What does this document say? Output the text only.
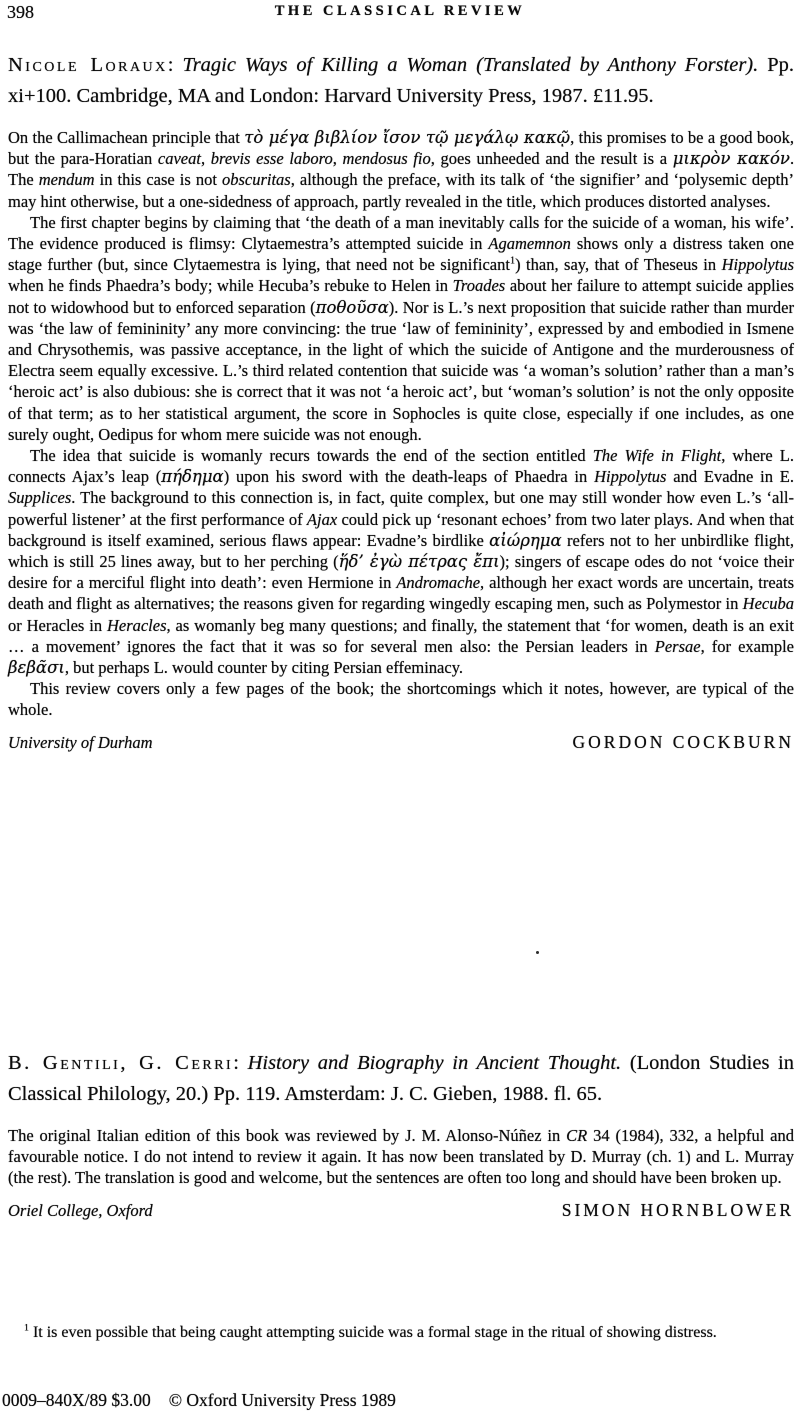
398	THE CLASSICAL REVIEW
Nicole Loraux: Tragic Ways of Killing a Woman (Translated by Anthony Forster). Pp. xi+100. Cambridge, MA and London: Harvard University Press, 1987. £11.95.

On the Callimachean principle that τὸ μέγα βιβλίον ἴσον τῷ μεγάλῳ κακῷ, this promises to be a good book, but the para-Horatian caveat, brevis esse laboro, mendosus fio, goes unheeded and the result is a μικρὸν κακόν. The mendum in this case is not obscuritas, although the preface, with its talk of ‘the signifier’ and ‘polysemic depth’ may hint otherwise, but a one-sidedness of approach, partly revealed in the title, which produces distorted analyses.

The first chapter begins by claiming that ‘the death of a man inevitably calls for the suicide of a woman, his wife’. The evidence produced is flimsy: Clytaemestra’s attempted suicide in Agamemnon shows only a distress taken one stage further (but, since Clytaemestra is lying, that need not be significant$^1$) than, say, that of Theseus in Hippolytus when he finds Phaedra’s body; while Hecuba’s rebuke to Helen in Troades about her failure to attempt suicide applies not to widowhood but to enforced separation (ποθοῦσα). Nor is L.’s next proposition that suicide rather than murder was ‘the law of femininity’ any more convincing: the true ‘law of femininity’, expressed by and embodied in Ismene and Chrysothemis, was passive acceptance, in the light of which the suicide of Antigone and the murderousness of Electra seem equally excessive. L.’s third related contention that suicide was ‘a woman’s solution’ rather than a man’s ‘heroic act’ is also dubious: she is correct that it was not ‘a heroic act’, but ‘woman’s solution’ is not the only opposite of that term; as to her statistical argument, the score in Sophocles is quite close, especially if one includes, as one surely ought, Oedipus for whom mere suicide was not enough.

The idea that suicide is womanly recurs towards the end of the section entitled The Wife in Flight, where L. connects Ajax’s leap (πήδημα) upon his sword with the death-leaps of Phaedra in Hippolytus and Evadne in E. Supplices. The background to this connection is, in fact, quite complex, but one may still wonder how even L.’s ‘all-powerful listener’ at the first performance of Ajax could pick up ‘resonant echoes’ from two later plays. And when that background is itself examined, serious flaws appear: Evadne’s birdlike αἰώρημα refers not to her unbirdlike flight, which is still 25 lines away, but to her perching (ἥδ’ ἐγὼ πέτρας ἔπι); singers of escape odes do not ‘voice their desire for a merciful flight into death’: even Hermione in Andromache, although her exact words are uncertain, treats death and flight as alternatives; the reasons given for regarding wingedly escaping men, such as Polymestor in Hecuba or Heracles in Heracles, as womanly beg many questions; and finally, the statement that ‘for women, death is an exit … a movement’ ignores the fact that it was so for several men also: the Persian leaders in Persae, for example βεβᾶσι, but perhaps L. would counter by citing Persian effeminacy.

This review covers only a few pages of the book; the shortcomings which it notes, however, are typical of the whole.

University of Durham	GORDON COCKBURN
B. Gentili, G. Cerri: History and Biography in Ancient Thought. (London Studies in Classical Philology, 20.) Pp. 119. Amsterdam: J. C. Gieben, 1988. fl. 65.

The original Italian edition of this book was reviewed by J. M. Alonso-Núñez in CR 34 (1984), 332, a helpful and favourable notice. I do not intend to review it again. It has now been translated by D. Murray (ch. 1) and L. Murray (the rest). The translation is good and welcome, but the sentences are often too long and should have been broken up.

Oriel College, Oxford	SIMON HORNBLOWER
$^1$ It is even possible that being caught attempting suicide was a formal stage in the ritual of showing distress.
0009–840X/89 $3.00 © Oxford University Press 1989
